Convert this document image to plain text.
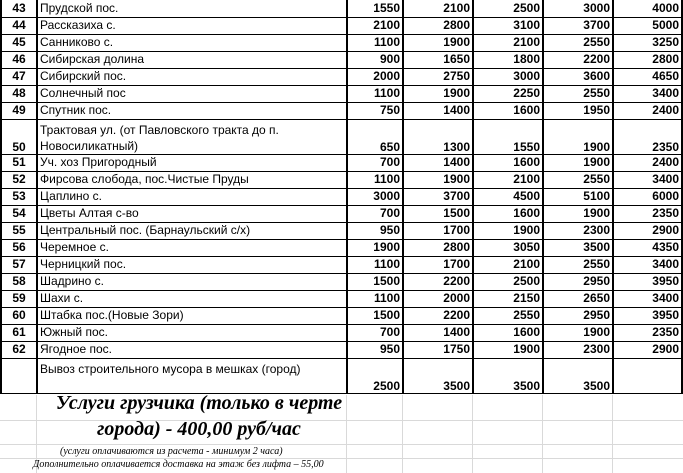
43	Прудской пос.	1550	2100	2500	3000	4000
44	Рассказиха с.	2100	2800	3100	3700	5000
45	Санниково с.	1100	1900	2100	2550	3250
46	Сибирская долина	900	1650	1800	2200	2800
47	Сибирский пос.	2000	2750	3000	3600	4650
48	Солнечный пос	1100	1900	2250	2550	3400
49	Спутник пос.	750	1400	1600	1950	2400
50	Трактовая ул. (от Павловского тракта до п. Новосиликатный)	650	1300	1550	1900	2350
51	Уч. хоз Пригородный	700	1400	1600	1900	2400
52	Фирсова слобода, пос.Чистые Пруды	1100	1900	2100	2550	3400
53	Цаплино с.	3000	3700	4500	5100	6000
54	Цветы Алтая с-во	700	1500	1600	1900	2350
55	Центральный пос. (Барнаульский с/х)	950	1700	1900	2300	2900
56	Черемное с.	1900	2800	3050	3500	4350
57	Черницкий пос.	1100	1700	2100	2550	3400
58	Шадрино с.	1500	2200	2500	2950	3950
59	Шахи с.	1100	2000	2150	2650	3400
60	Штабка пос.(Новые Зори)	1500	2200	2550	2950	3950
61	Южный пос.	700	1400	1600	1900	2350
62	Ягодное пос.	950	1750	1900	2300	2900
	Вывоз строительного мусора в мешках (город)	2500	3500	3500	3500	
Услуги грузчика (только в черте
города) - 400,00 руб/час
(услуги оплачиваются из расчета - минимум 2 часа)
Дополнительно оплачивается доставка на этаж без лифта – 55,00
